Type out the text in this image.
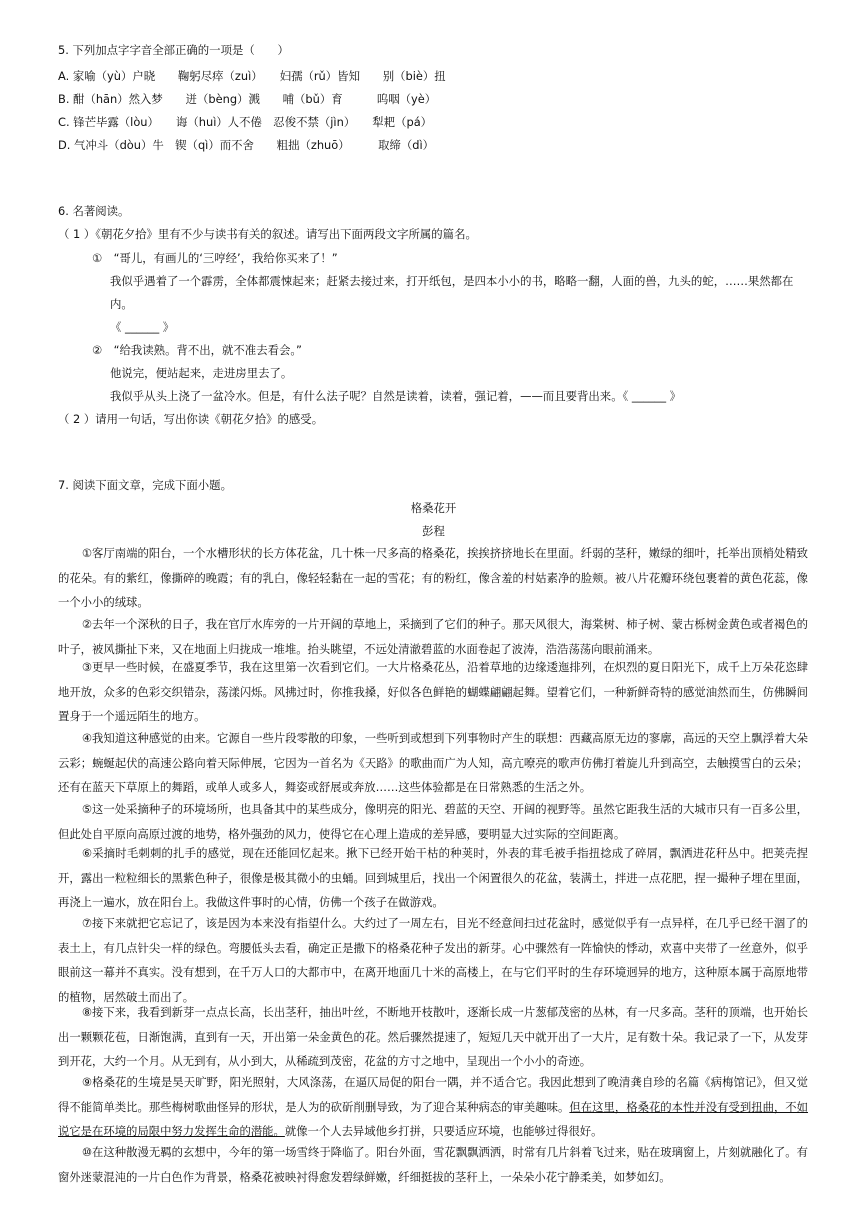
5. 下列加点字字音全部正确的一项是（　　）
A. 家喻（yù）户晓　　鞠躬尽瘁（zuì）　　妇孺（rǔ）皆知　　别（biè）扭
B. 酣（hān）然入梦　　迸（bèng）溅　　哺（bǔ）育　　　呜咽（yè）
C. 锋芒毕露（lòu）　　诲（huì）人不倦　忍俊不禁（jìn）　　犁耙（pá）
D. 气冲斗（dòu）牛　锲（qì）而不舍　　粗拙（zhuō）　　　取缔（dì）
6. 名著阅读。
（ 1 ）《朝花夕拾》里有不少与读书有关的叙述。请写出下面两段文字所属的篇名。
①　“哥儿，有画儿的‘三哼经’，我给你买来了！”
我似乎遇着了一个霹雳，全体都震悚起来；赶紧去接过来，打开纸包，是四本小小的书，略略一翻，人面的兽，九头的蛇，……果然都在
内。
《 ______ 》
②　“给我读熟。背不出，就不准去看会。”
他说完，便站起来，走进房里去了。
我似乎从头上浇了一盆冷水。但是，有什么法子呢？自然是读着，读着，强记着，——而且要背出来。《 ______ 》
（ 2 ）请用一句话，写出你读《朝花夕拾》的感受。
7. 阅读下面文章，完成下面小题。
格桑花开
彭程
①客厅南端的阳台，一个水槽形状的长方体花盆，几十株一尺多高的格桑花，挨挨挤挤地长在里面。纤弱的茎秆，嫩绿的细叶，托举出顶梢处精致的花朵。有的紫红，像撕碎的晚霞；有的乳白，像轻轻黏在一起的雪花；有的粉红，像含羞的村姑素净的脸颊。被八片花瓣环绕包裹着的黄色花蕊，像一个小小的绒球。
②去年一个深秋的日子，我在官厅水库旁的一片开阔的草地上，采摘到了它们的种子。那天风很大，海棠树、柿子树、蒙古栎树金黄色或者褐色的叶子，被风撕扯下来，又在地面上归拢成一堆堆。抬头眺望，不远处清澈碧蓝的水面卷起了波涛，浩浩荡荡向眼前涌来。
③更早一些时候，在盛夏季节，我在这里第一次看到它们。一大片格桑花丛，沿着草地的边缘逶迤排列，在炽烈的夏日阳光下，成千上万朵花恣肆地开放，众多的色彩交织错杂，荡漾闪烁。风拂过时，你推我搡，好似各色鲜艳的蝴蝶翩翩起舞。望着它们，一种新鲜奇特的感觉油然而生，仿佛瞬间置身于一个遥远陌生的地方。
④我知道这种感觉的由来。它源自一些片段零散的印象，一些听到或想到下列事物时产生的联想：西藏高原无边的寥廓，高远的天空上飘浮着大朵云彩；蜿蜒起伏的高速公路向着天际伸展，它因为一首名为《天路》的歌曲而广为人知，高亢嘹亮的歌声仿佛打着旋儿升到高空，去触摸雪白的云朵；还有在蓝天下草原上的舞蹈，或单人或多人，舞姿或舒展或奔放……这些体验都是在日常熟悉的生活之外。
⑤这一处采摘种子的环境场所，也具备其中的某些成分，像明亮的阳光、碧蓝的天空、开阔的视野等。虽然它距我生活的大城市只有一百多公里，但此处自平原向高原过渡的地势，格外强劲的风力，使得它在心理上造成的差异感，要明显大过实际的空间距离。
⑥采摘时毛刺刺的扎手的感觉，现在还能回忆起来。揪下已经开始干枯的种荚时，外表的茸毛被手指扭捻成了碎屑，飘洒进花秆丛中。把荚壳捏开，露出一粒粒细长的黑紫色种子，很像是极其微小的虫蛹。回到城里后，找出一个闲置很久的花盆，装满土，拌进一点花肥，捏一撮种子埋在里面，再浇上一遍水，放在阳台上。我做这件事时的心情，仿佛一个孩子在做游戏。
⑦接下来就把它忘记了，该是因为本来没有指望什么。大约过了一周左右，目光不经意间扫过花盆时，感觉似乎有一点异样，在几乎已经干涸了的表土上，有几点针尖一样的绿色。弯腰低头去看，确定正是撒下的格桑花种子发出的新芽。心中骤然有一阵愉快的悸动，欢喜中夹带了一丝意外，似乎眼前这一幕并不真实。没有想到，在千万人口的大都市中，在离开地面几十米的高楼上，在与它们平时的生存环境迥异的地方，这种原本属于高原地带的植物，居然破土而出了。
⑧接下来，我看到新芽一点点长高，长出茎秆，抽出叶丝，不断地开枝散叶，逐渐长成一片葱郁茂密的丛林，有一尺多高。茎秆的顶端，也开始长出一颗颗花苞，日渐饱满，直到有一天，开出第一朵金黄色的花。然后骤然提速了，短短几天中就开出了一大片，足有数十朵。我记录了一下，从发芽到开花，大约一个月。从无到有，从小到大，从稀疏到茂密，花盆的方寸之地中，呈现出一个小小的奇迹。
⑨格桑花的生境是昊天旷野，阳光照射，大风涤荡，在逼仄局促的阳台一隅，并不适合它。我因此想到了晚清龚自珍的名篇《病梅馆记》，但又觉得不能简单类比。那些梅树歌曲怪异的形状，是人为的砍斫削删导致，为了迎合某种病态的审美趣味。但在这里，格桑花的本性并没有受到扭曲，不如说它是在环境的局限中努力发挥生命的潜能。就像一个人去异域他乡打拼，只要适应环境，也能够过得很好。
⑩在这种散漫无羁的玄想中，今年的第一场雪终于降临了。阳台外面，雪花飘飘洒洒，时常有几片斜着飞过来，贴在玻璃窗上，片刻就融化了。有窗外迷蒙混沌的一片白色作为背景，格桑花被映衬得愈发碧绿鲜嫩，纤细挺拔的茎秆上，一朵朵小花宁静柔美，如梦如幻。
